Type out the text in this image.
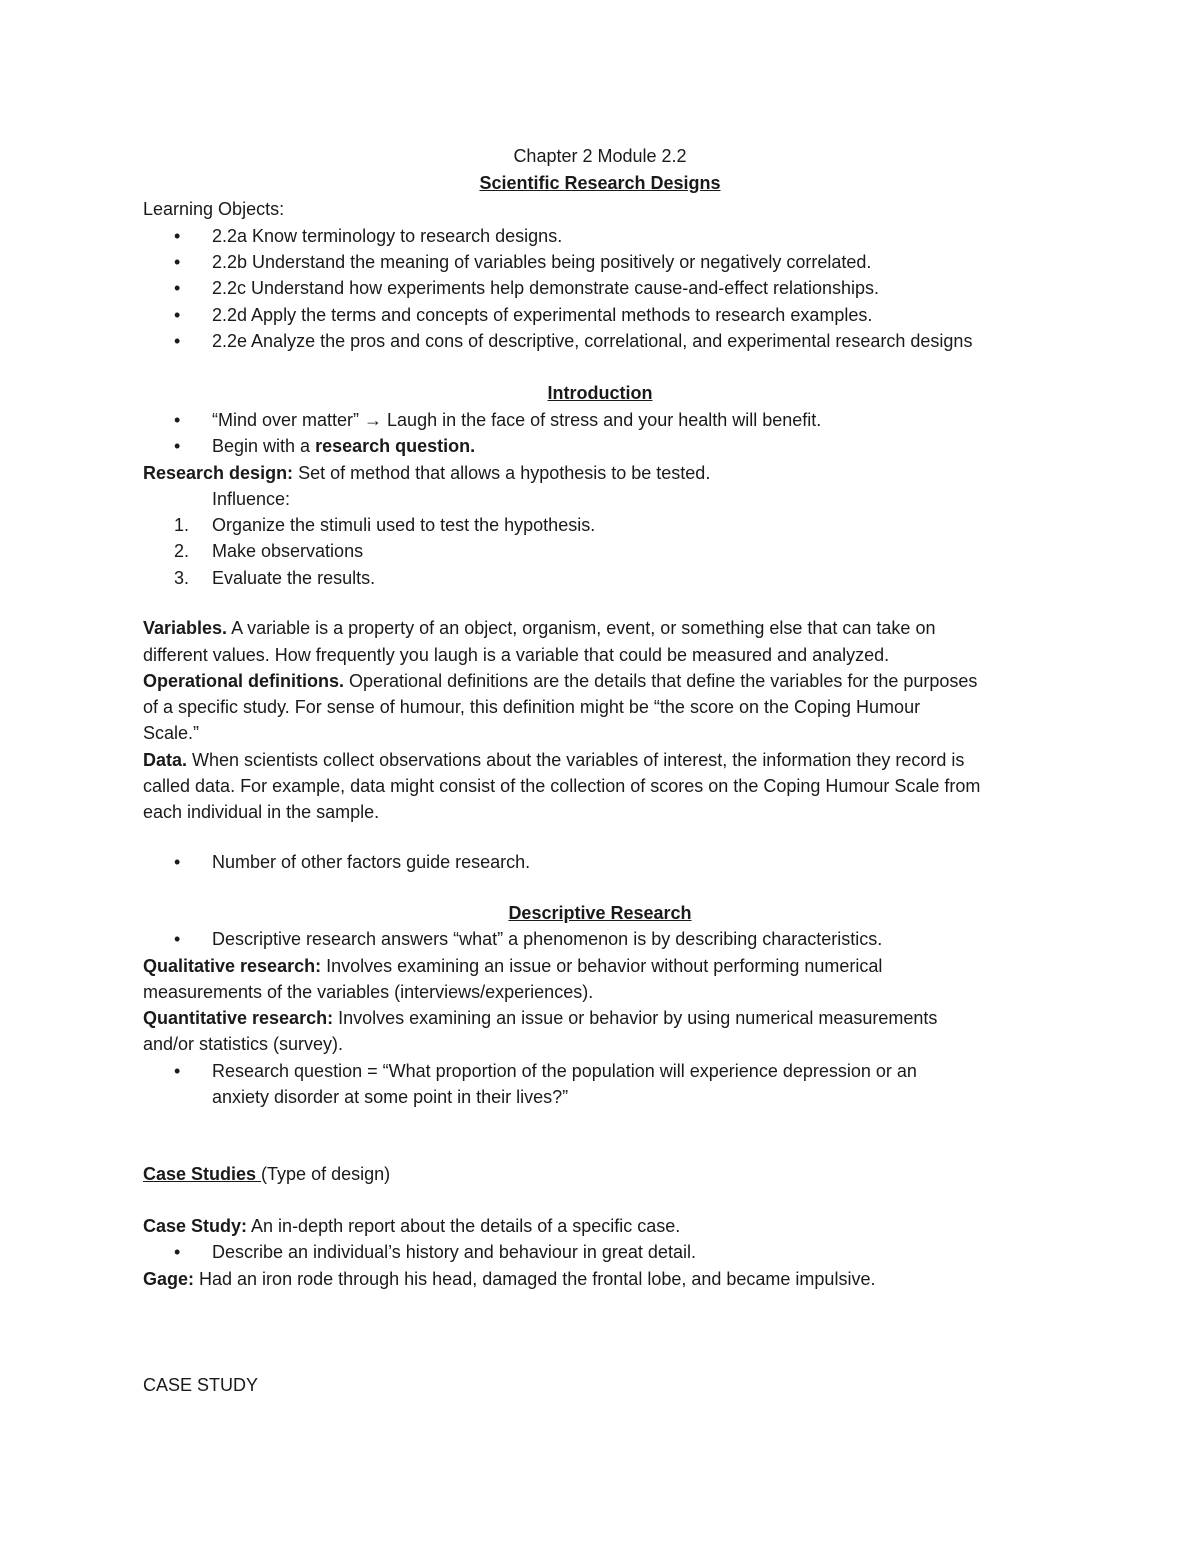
Chapter 2 Module 2.2
Scientific Research Designs
Learning Objects:
• 2.2a Know terminology to research designs.
• 2.2b Understand the meaning of variables being positively or negatively correlated.
• 2.2c Understand how experiments help demonstrate cause-and-effect relationships.
• 2.2d Apply the terms and concepts of experimental methods to research examples.
• 2.2e Analyze the pros and cons of descriptive, correlational, and experimental research designs
Introduction
• “Mind over matter” → Laugh in the face of stress and your health will benefit.
• Begin with a research question.
Research design: Set of method that allows a hypothesis to be tested.
Influence:
1. Organize the stimuli used to test the hypothesis.
2. Make observations
3. Evaluate the results.
Variables. A variable is a property of an object, organism, event, or something else that can take on
different values. How frequently you laugh is a variable that could be measured and analyzed.
Operational definitions. Operational definitions are the details that define the variables for the purposes
of a specific study. For sense of humour, this definition might be “the score on the Coping Humour
Scale.”
Data. When scientists collect observations about the variables of interest, the information they record is
called data. For example, data might consist of the collection of scores on the Coping Humour Scale from
each individual in the sample.
• Number of other factors guide research.
Descriptive Research
• Descriptive research answers “what” a phenomenon is by describing characteristics.
Qualitative research: Involves examining an issue or behavior without performing numerical
measurements of the variables (interviews/experiences).
Quantitative research: Involves examining an issue or behavior by using numerical measurements
and/or statistics (survey).
• Research question = “What proportion of the population will experience depression or an
anxiety disorder at some point in their lives?”
Case Studies (Type of design)
Case Study: An in-depth report about the details of a specific case.
• Describe an individual’s history and behaviour in great detail.
Gage: Had an iron rode through his head, damaged the frontal lobe, and became impulsive.
CASE STUDY
